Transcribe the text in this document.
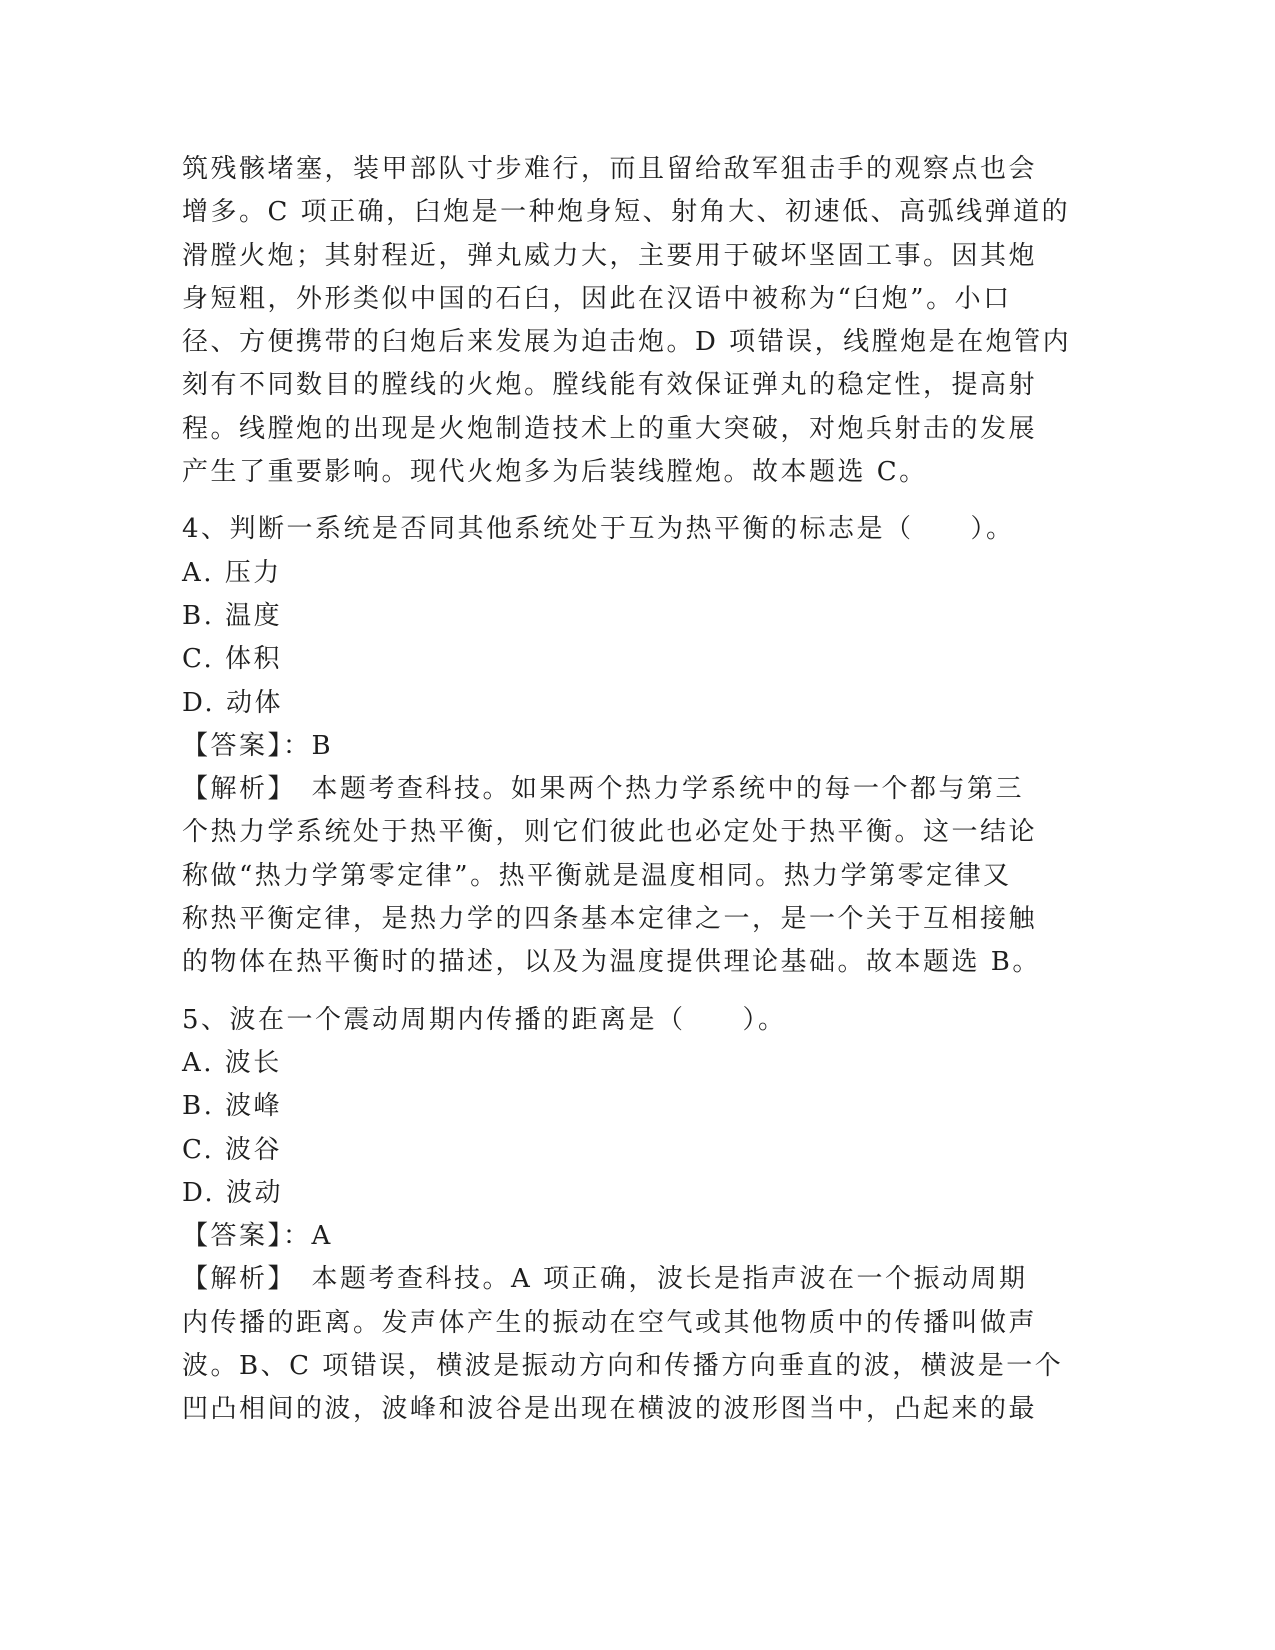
筑残骸堵塞，装甲部队寸步难行，而且留给敌军狙击手的观察点也会
增多。C 项正确，臼炮是一种炮身短、射角大、初速低、高弧线弹道的
滑膛火炮；其射程近，弹丸威力大，主要用于破坏坚固工事。因其炮
身短粗，外形类似中国的石臼，因此在汉语中被称为“臼炮”。小口
径、方便携带的臼炮后来发展为迫击炮。D 项错误，线膛炮是在炮管内
刻有不同数目的膛线的火炮。膛线能有效保证弹丸的稳定性，提高射
程。线膛炮的出现是火炮制造技术上的重大突破，对炮兵射击的发展
产生了重要影响。现代火炮多为后装线膛炮。故本题选 C。
4、判断一系统是否同其他系统处于互为热平衡的标志是（　　）。
A. 压力
B. 温度
C. 体积
D. 动体
【答案】：B
【解析】　本题考查科技。如果两个热力学系统中的每一个都与第三
个热力学系统处于热平衡，则它们彼此也必定处于热平衡。这一结论
称做“热力学第零定律”。热平衡就是温度相同。热力学第零定律又
称热平衡定律，是热力学的四条基本定律之一，是一个关于互相接触
的物体在热平衡时的描述，以及为温度提供理论基础。故本题选 B。
5、波在一个震动周期内传播的距离是（　　）。
A. 波长
B. 波峰
C. 波谷
D. 波动
【答案】：A
【解析】　本题考查科技。A 项正确，波长是指声波在一个振动周期
内传播的距离。发声体产生的振动在空气或其他物质中的传播叫做声
波。B、C 项错误，横波是振动方向和传播方向垂直的波，横波是一个
凹凸相间的波，波峰和波谷是出现在横波的波形图当中，凸起来的最
